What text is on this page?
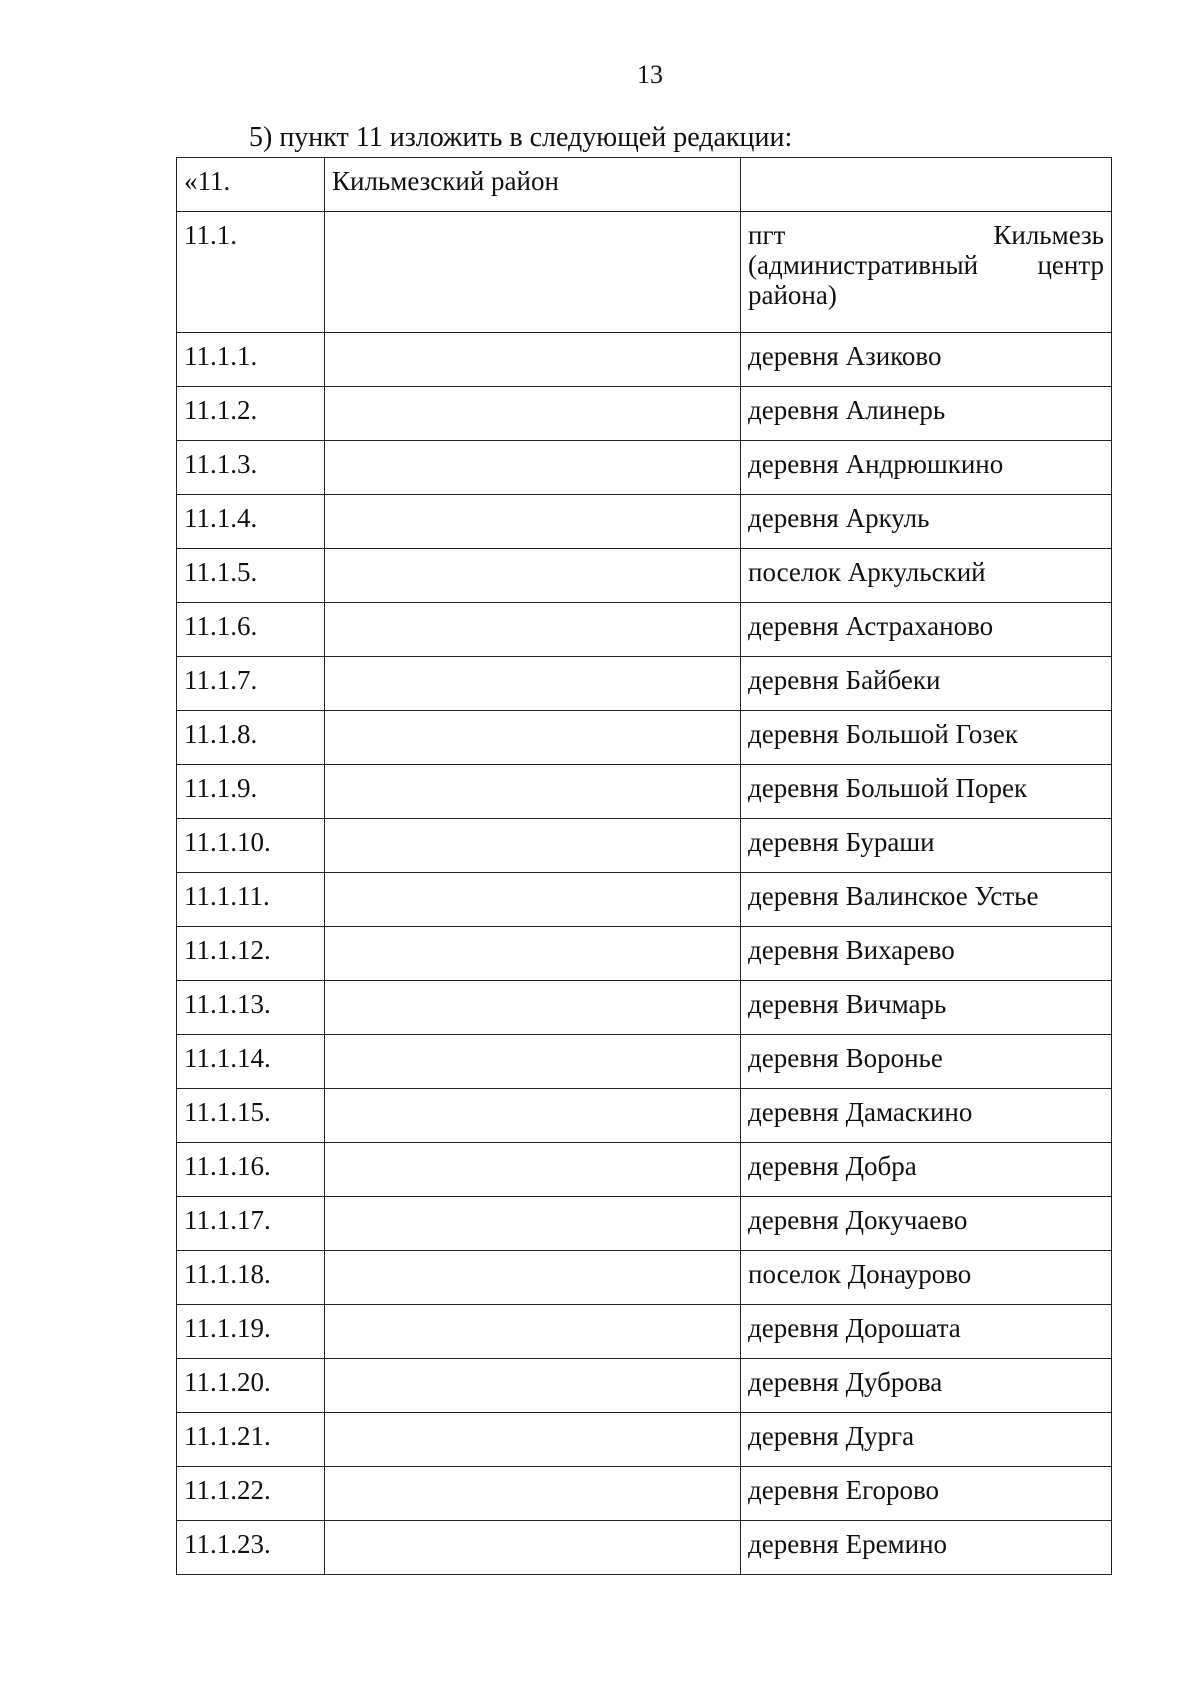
13
5) пункт 11 изложить в следующей редакции:
«11.	Кильмезский район	
11.1.		пгт Кильмезь
(административный центр
района)

11.1.1.		деревня Азиково
11.1.2.		деревня Алинерь
11.1.3.		деревня Андрюшкино
11.1.4.		деревня Аркуль
11.1.5.		поселок Аркульский
11.1.6.		деревня Астраханово
11.1.7.		деревня Байбеки
11.1.8.		деревня Большой Гозек
11.1.9.		деревня Большой Порек
11.1.10.		деревня Бураши
11.1.11.		деревня Валинское Устье
11.1.12.		деревня Вихарево
11.1.13.		деревня Вичмарь
11.1.14.		деревня Воронье
11.1.15.		деревня Дамаскино
11.1.16.		деревня Добра
11.1.17.		деревня Докучаево
11.1.18.		поселок Донаурово
11.1.19.		деревня Дорошата
11.1.20.		деревня Дуброва
11.1.21.		деревня Дурга
11.1.22.		деревня Егорово
11.1.23.		деревня Еремино
